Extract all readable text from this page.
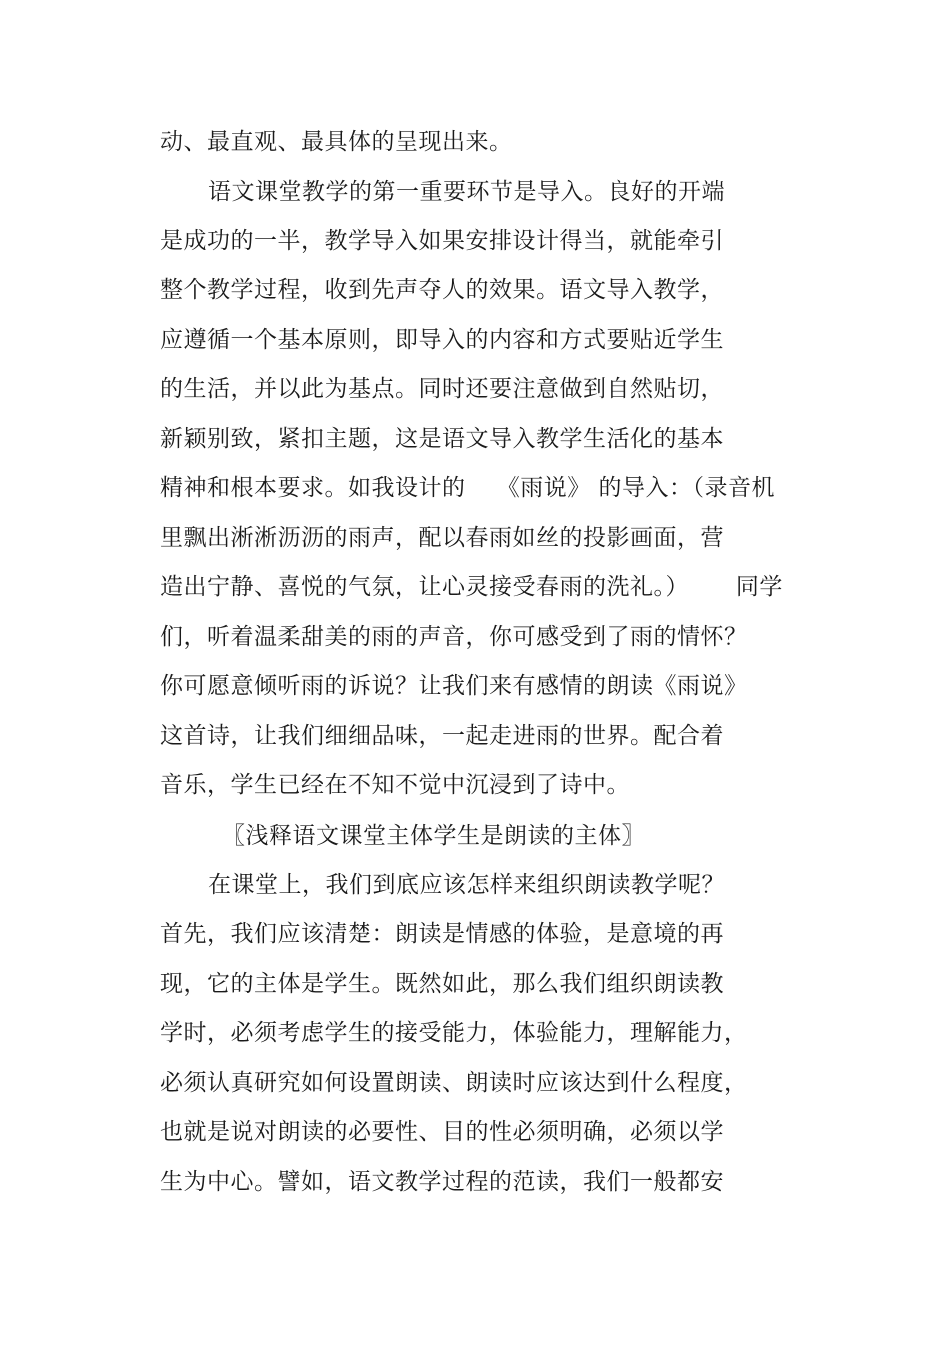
动、最直观、最具体的呈现出来。

语文课堂教学的第一重要环节是导入。良好的开端

是成功的一半，教学导入如果安排设计得当，就能牵引

整个教学过程，收到先声夺人的效果。语文导入教学，

应遵循一个基本原则，即导入的内容和方式要贴近学生

的生活，并以此为基点。同时还要注意做到自然贴切，

新颖别致，紧扣主题，这是语文导入教学生活化的基本

精神和根本要求。如我设计的    《雨说》 的导入：（录音机

里飘出淅淅沥沥的雨声，配以春雨如丝的投影画面，营

造出宁静、喜悦的气氛，让心灵接受春雨的洗礼。）      同学

们，听着温柔甜美的雨的声音，你可感受到了雨的情怀？

你可愿意倾听雨的诉说？让我们来有感情的朗读《雨说》

这首诗，让我们细细品味，一起走进雨的世界。配合着

音乐，学生已经在不知不觉中沉浸到了诗中。

〖浅释语文课堂主体学生是朗读的主体〗

在课堂上，我们到底应该怎样来组织朗读教学呢？

首先，我们应该清楚：朗读是情感的体验，是意境的再

现，它的主体是学生。既然如此，那么我们组织朗读教

学时，必须考虑学生的接受能力，体验能力，理解能力，

必须认真研究如何设置朗读、朗读时应该达到什么程度，

也就是说对朗读的必要性、目的性必须明确，必须以学

生为中心。譬如，语文教学过程的范读，我们一般都安
